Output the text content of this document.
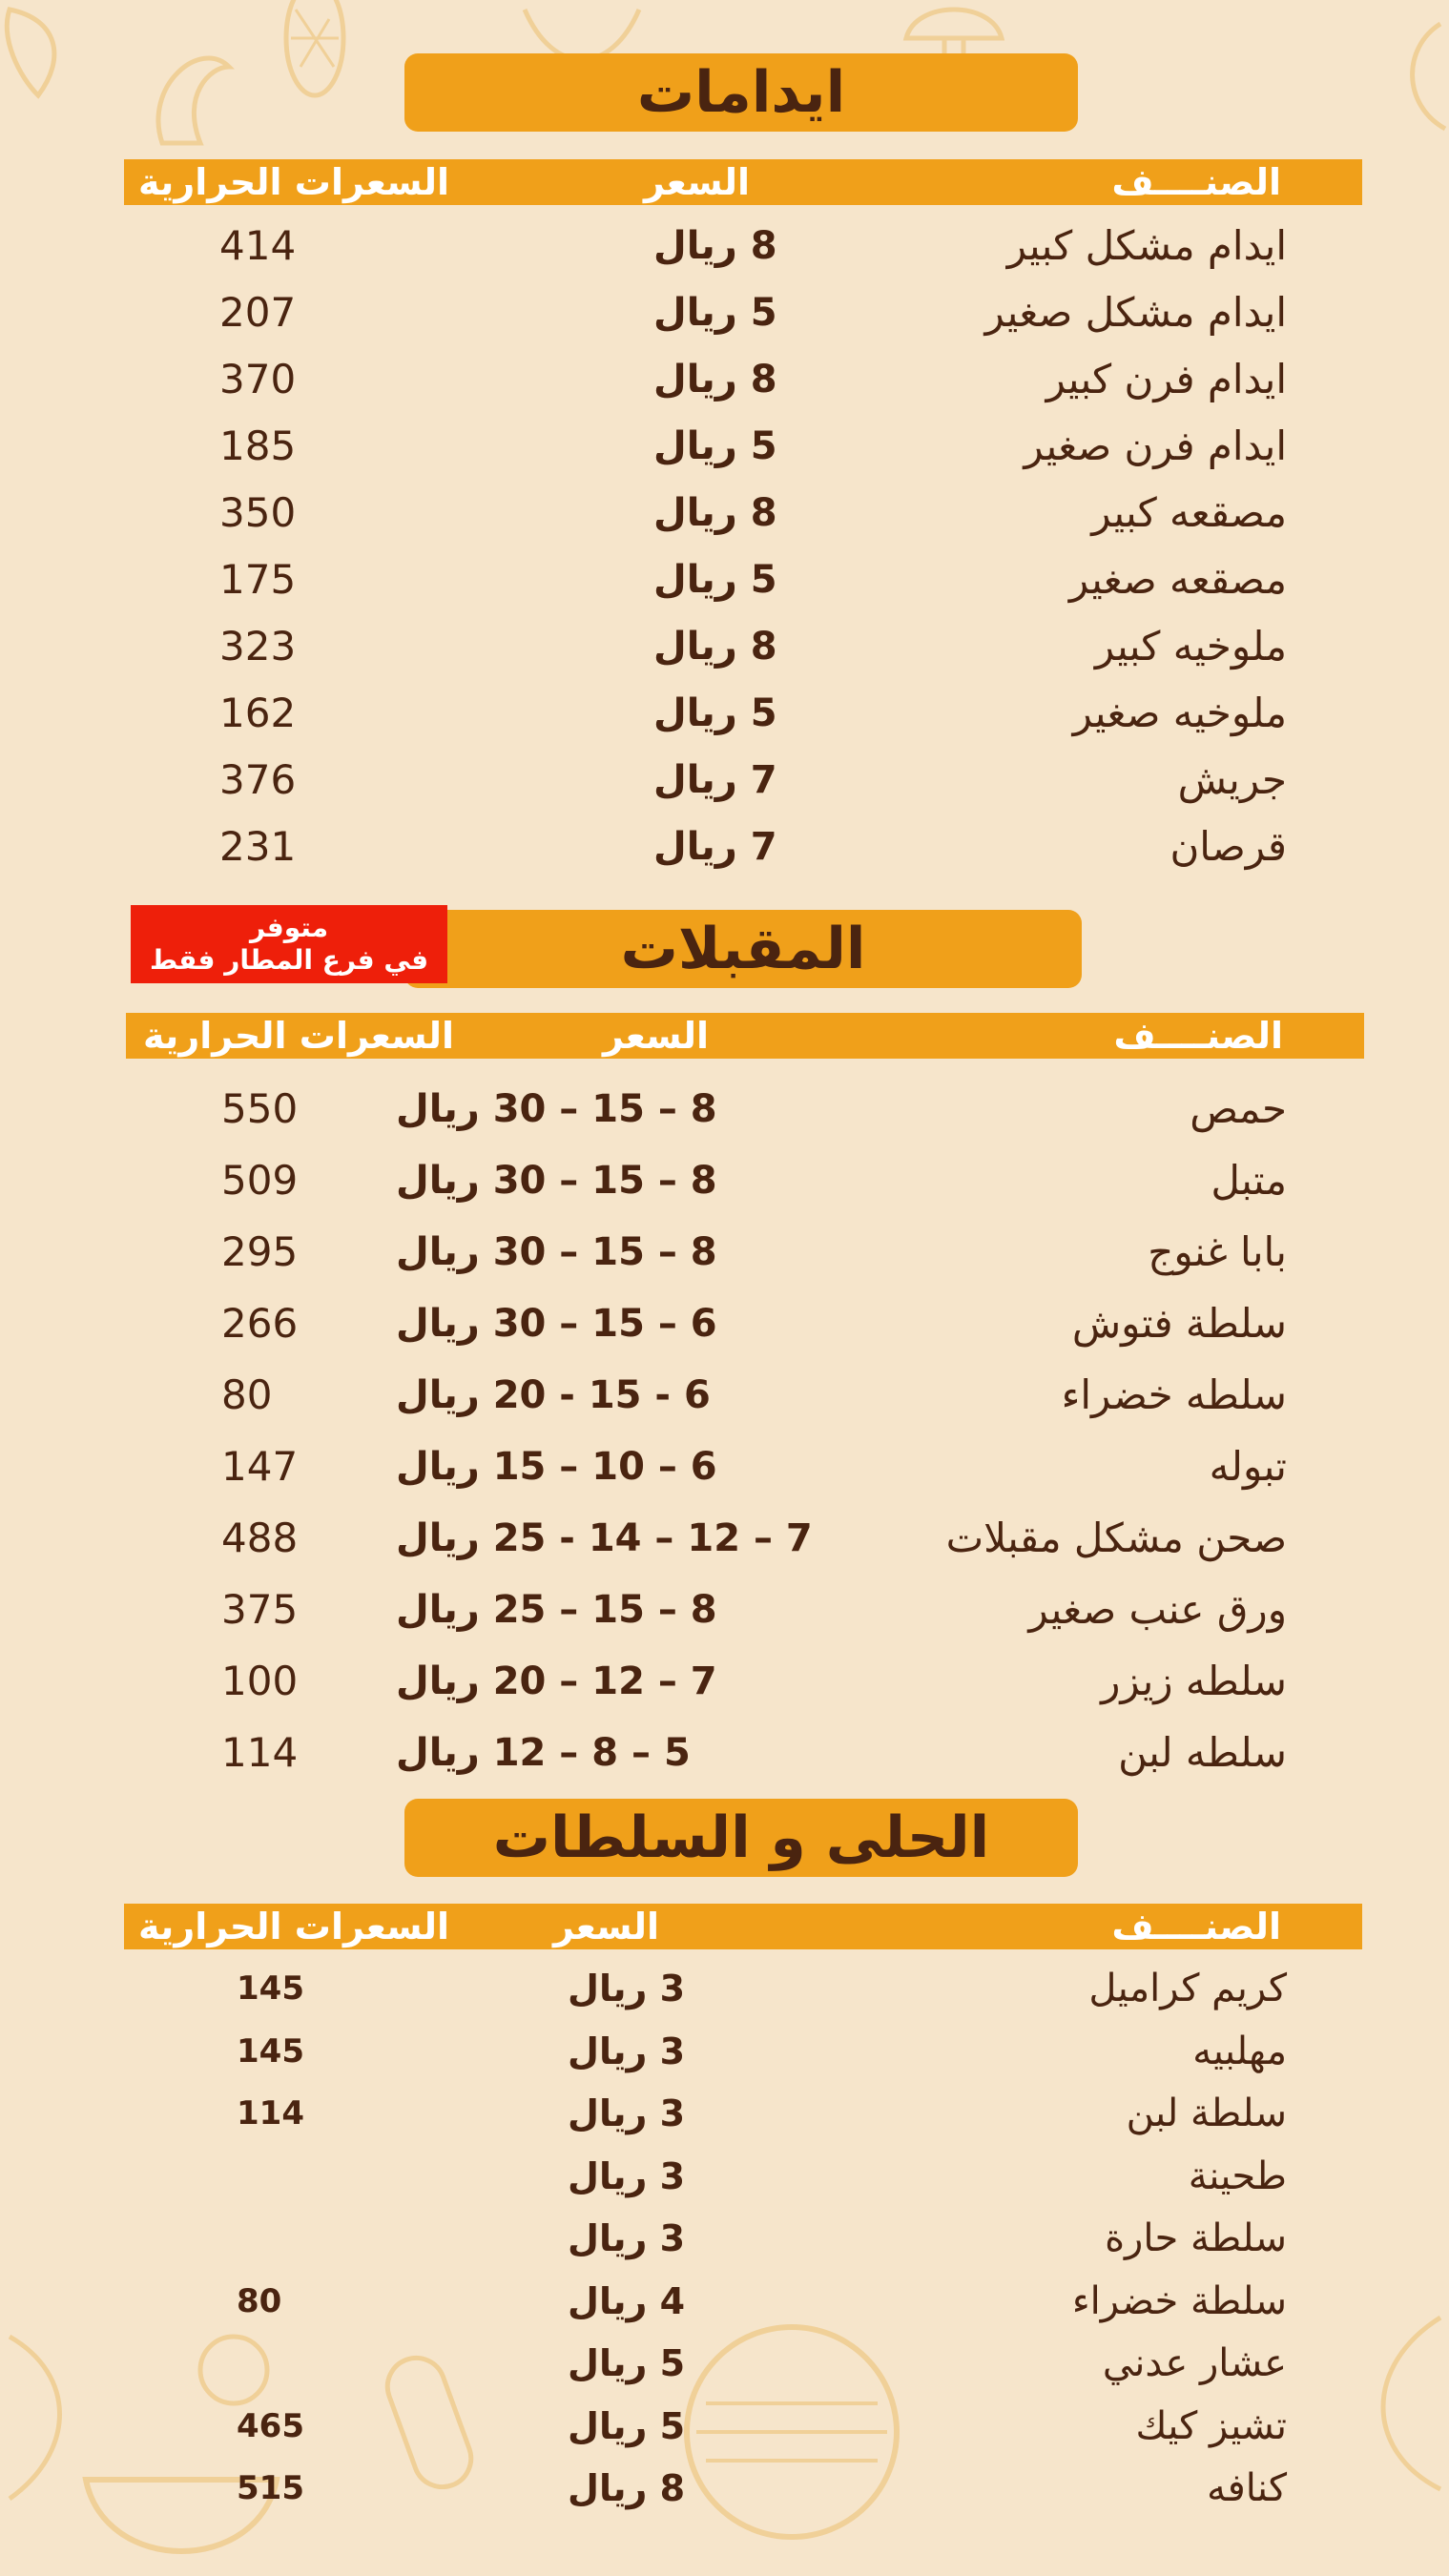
ايدامات
الصنــــف
السعر
السعرات الحرارية
ايدام مشكل كبير
8 ريال
414
ايدام مشكل صغير
5 ريال
207
ايدام فرن كبير
8 ريال
370
ايدام فرن صغير
5 ريال
185
مصقعه كبير
8 ريال
350
مصقعه صغير
5 ريال
175
ملوخيه كبير
8 ريال
323
ملوخيه صغير
5 ريال
162
جريش
7 ريال
376
قرصان
7 ريال
231
المقبلات
متوفر
في فرع المطار فقط
الصنــــف
السعر
السعرات الحرارية
حمص
8 – 15 – 30 ريال
550
متبل
8 – 15 – 30 ريال
509
بابا غنوج
8 – 15 – 30 ريال
295
سلطة فتوش
6 – 15 – 30 ريال
266
سلطه خضراء
6 - 15 - 20 ريال
80
تبوله
6 – 10 – 15 ريال
147
صحن مشكل مقبلات
7 – 12 – 14 - 25 ريال
488
ورق عنب صغير
8 – 15 – 25 ريال
375
سلطه زيزر
7 – 12 – 20 ريال
100
سلطه لبن
5 – 8 – 12 ريال
114
الحلى و السلطات
الصنــــف
السعر
السعرات الحرارية
كريم كراميل
3 ريال
145
مهلبيه
3 ريال
145
سلطة لبن
3 ريال
114
طحينة
3 ريال
سلطة حارة
3 ريال
سلطة خضراء
4 ريال
80
عشار عدني
5 ريال
تشيز كيك
5 ريال
465
كنافه
8 ريال
515
